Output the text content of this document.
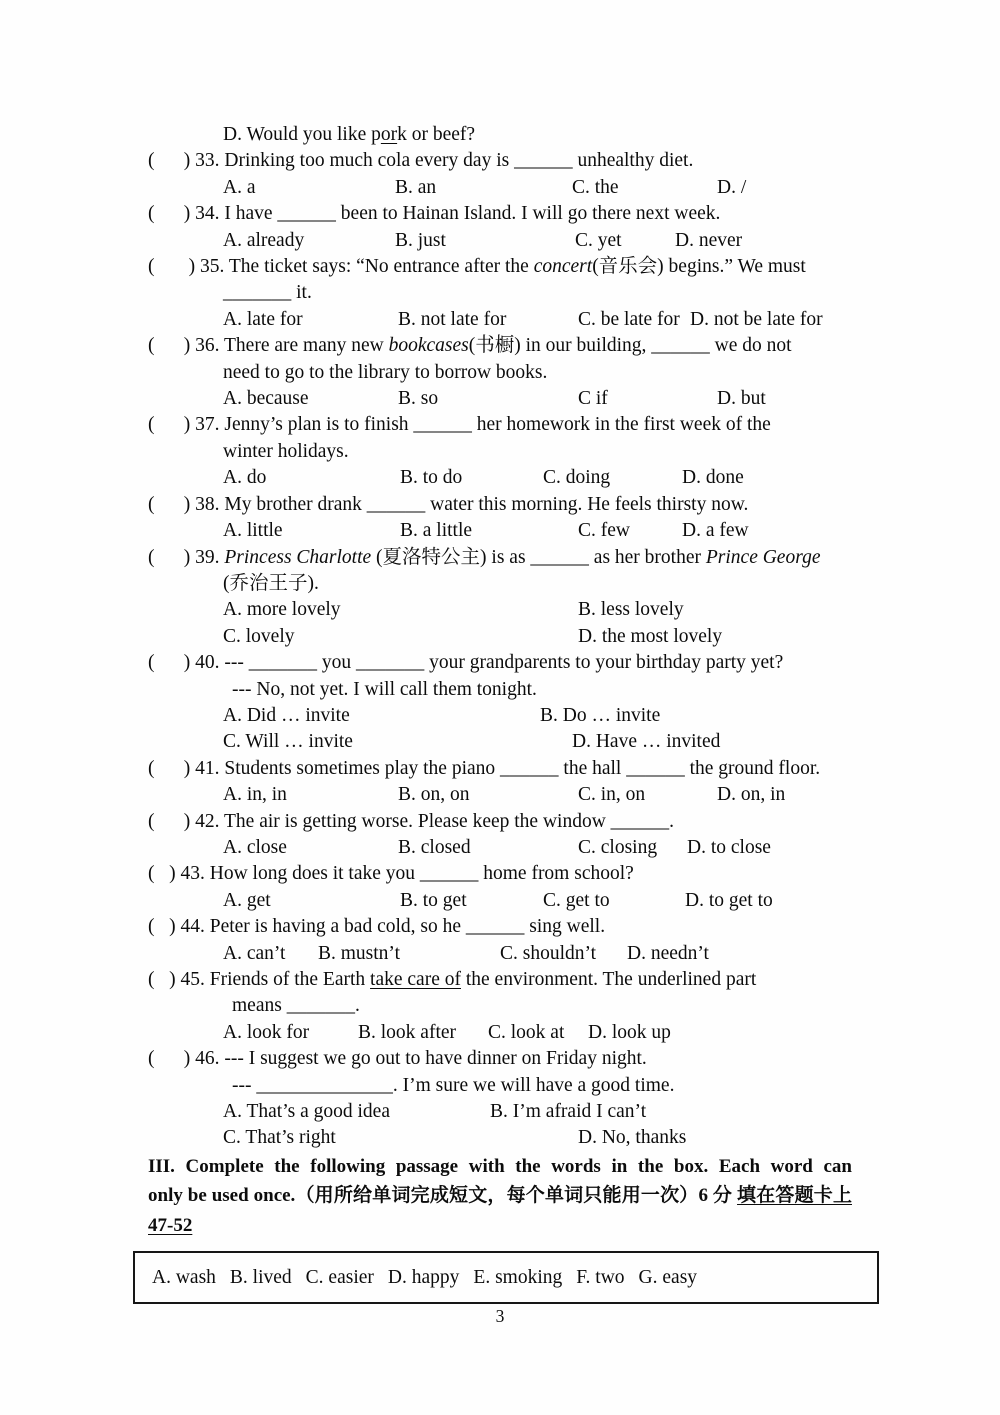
D. Would you like pork or beef?
(      ) 33. Drinking too much cola every day is ______ unhealthy diet.
A. a	B. an	C. the	D. /
(      ) 34. I have ______ been to Hainan Island. I will go there next week.
A. already	B. just	C. yet	D. never
(       ) 35. The ticket says: “No entrance after the concert(音乐会) begins.” We must
_______ it.
A. late for	B. not late for	C. be late for D. not be late for
(      ) 36. There are many new bookcases(书橱) in our building, ______ we do not
need to go to the library to borrow books.
A. because	B. so	C if	D. but
(      ) 37. Jenny’s plan is to finish ______ her homework in the first week of the
winter holidays.
A. do	B. to do	C. doing	D. done
(      ) 38. My brother drank ______ water this morning. He feels thirsty now.
A. little	B. a little	C. few	D. a few
(      ) 39. Princess Charlotte (夏洛特公主) is as ______ as her brother Prince George
(乔治王子).
A. more lovely	B. less lovely
C. lovely	D. the most lovely
(      ) 40. --- _______ you _______ your grandparents to your birthday party yet?
--- No, not yet. I will call them tonight.
A. Did … invite	B. Do … invite
C. Will … invite	D. Have … invited
(      ) 41. Students sometimes play the piano ______ the hall ______ the ground floor.
A. in, in	B. on, on	C. in, on	D. on, in
(      ) 42. The air is getting worse. Please keep the window ______.
A. close	B. closed	C. closing D. to close
(   ) 43. How long does it take you ______ home from school?
A. get	B. to get	C. get to	D. to get to
(   ) 44. Peter is having a bad cold, so he ______ sing well.
A. can’t B. mustn’t	C. shouldn’t D. needn’t
(   ) 45. Friends of the Earth take care of the environment. The underlined part
means _______.
A. look for	B. look after C. look at D. look up
(      ) 46. --- I suggest we go out to have dinner on Friday night.
--- ______________. I’m sure we will have a good time.
A. That’s a good idea	B. I’m afraid I can’t
C. That’s right	D. No, thanks
III. Complete the following passage with the words in the box. Each word can
only be used once.（用所给单词完成短文，每个单词只能用一次）6 分 填在答题卡上
47-52
A. wash B. lived C. easier D. happy E. smoking F. two G. easy
3
